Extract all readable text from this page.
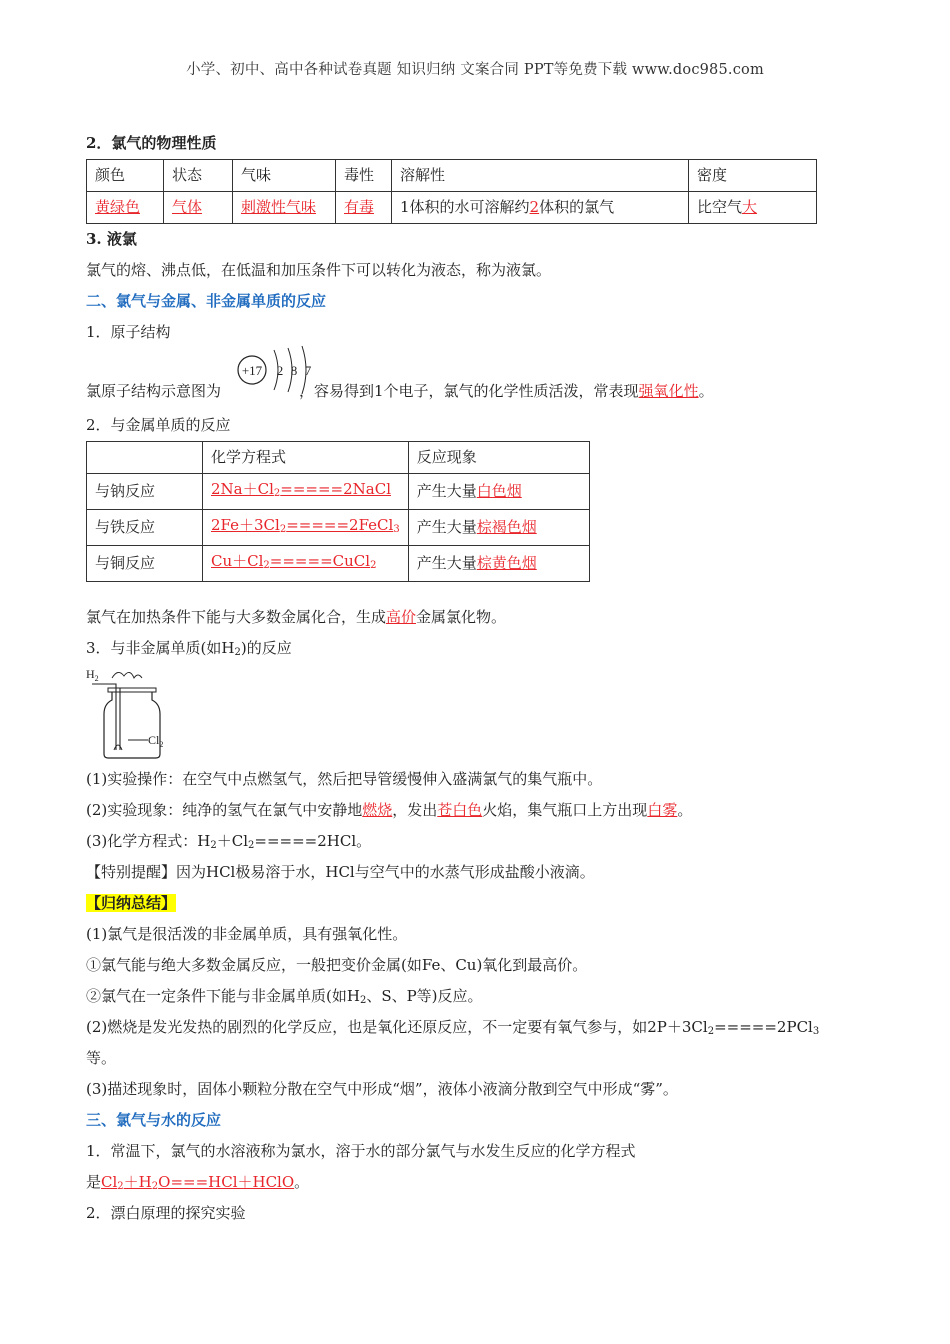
小学、初中、高中各种试卷真题 知识归纳 文案合同 PPT等免费下载 www.doc985.com
2．氯气的物理性质
颜色	状态	气味	毒性	溶解性	密度
黄绿色	气体	刺激性气味	有毒	1体积的水可溶解约2体积的氯气	比空气大
3. 液氯
氯气的熔、沸点低，在低温和加压条件下可以转化为液态，称为液氯。
二、氯气与金属、非金属单质的反应
1．原子结构
+17 2 8 7
氯原子结构示意图为	，容易得到1个电子，氯气的化学性质活泼，常表现强氧化性。
2．与金属单质的反应
	化学方程式	反应现象
与钠反应	$2Na+Cl_2=====2NaCl$	产生大量白色烟
与铁反应	$2Fe+3Cl_2=====2FeCl_3$	产生大量棕褐色烟
与铜反应	$Cu+Cl_2=====CuCl_2$	产生大量棕黄色烟
氯气在加热条件下能与大多数金属化合，生成高价金属氯化物。
3．与非金属单质(如$H_2$)的反应
$H_2$
$Cl_2$
(1)实验操作：在空气中点燃氢气，然后把导管缓慢伸入盛满氯气的集气瓶中。
(2)实验现象：纯净的氢气在氯气中安静地燃烧，发出苍白色火焰，集气瓶口上方出现白雾。
(3)化学方程式：$H_2+Cl_2=====2HCl$。
【特别提醒】因为HCl极易溶于水，HCl与空气中的水蒸气形成盐酸小液滴。
【归纳总结】
(1)氯气是很活泼的非金属单质，具有强氧化性。
①氯气能与绝大多数金属反应，一般把变价金属(如Fe、Cu)氧化到最高价。
②氯气在一定条件下能与非金属单质(如$H_2$、S、P等)反应。
(2)燃烧是发光发热的剧烈的化学反应，也是氧化还原反应，不一定要有氧气参与，如$2P+3Cl_2=====2PCl_3$
等。
(3)描述现象时，固体小颗粒分散在空气中形成“烟”，液体小液滴分散到空气中形成“雾”。
三、氯气与水的反应
1．常温下，氯气的水溶液称为氯水，溶于水的部分氯气与水发生反应的化学方程式
是$Cl_2+H_2O===HCl+HClO$。
2．漂白原理的探究实验
